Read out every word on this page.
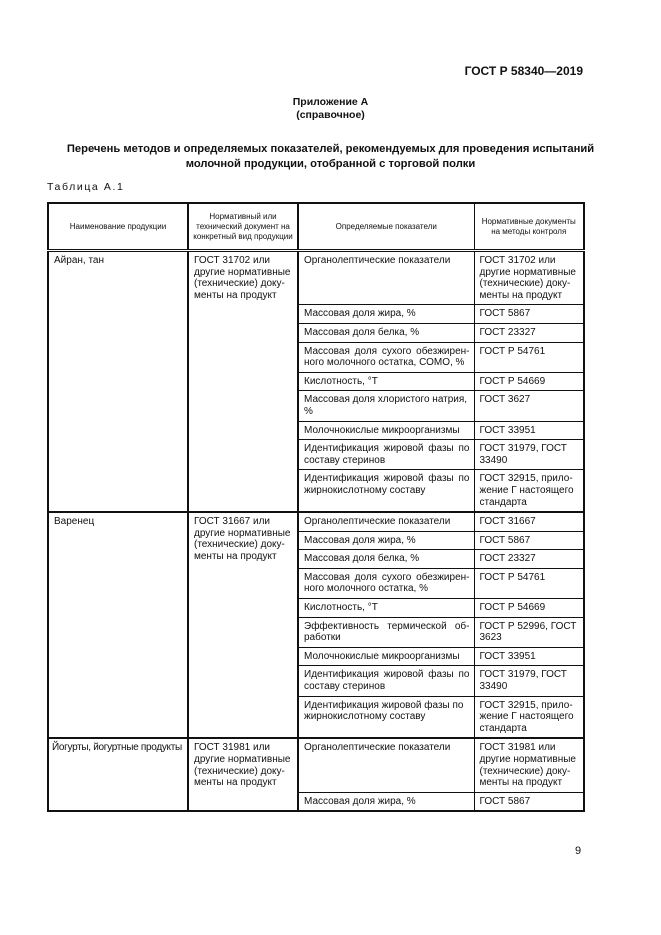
ГОСТ Р 58340—2019
Приложение А
(справочное)
Перечень методов и определяемых показателей, рекомендуемых для проведения испытаний
молочной продукции, отобранной с торговой полки
Таблица А.1
Наименование продукции	Нормативный или технический документ на конкретный вид продукции	Определяемые показатели	Нормативные документы на методы контроля
Айран, тан	ГОСТ 31702 или другие нормативные (технические) доку-менты на продукт	Органолептические показатели	ГОСТ 31702 или другие нормативные (технические) доку-менты на продукт
		Массовая доля жира, %	ГОСТ 5867
		Массовая доля белка, %	ГОСТ 23327
		Массовая доля сухого обезжирен-ного молочного остатка, СОМО, %	ГОСТ Р 54761
		Кислотность, °Т	ГОСТ Р 54669
		Массовая доля хлористого натрия, %	ГОСТ 3627
		Молочнокислые микроорганизмы	ГОСТ 33951
		Идентификация жировой фазы по составу стеринов	ГОСТ 31979, ГОСТ 33490
		Идентификация жировой фазы по жирнокислотному составу	ГОСТ 32915, прило-жение Г настоящего стандарта
Варенец	ГОСТ 31667 или другие нормативные (технические) доку-менты на продукт	Органолептические показатели	ГОСТ 31667
		Массовая доля жира, %	ГОСТ 5867
		Массовая доля белка, %	ГОСТ 23327
		Массовая доля сухого обезжирен-ного молочного остатка, %	ГОСТ Р 54761
		Кислотность, °Т	ГОСТ Р 54669
		Эффективность термической об-работки	ГОСТ Р 52996, ГОСТ 3623
		Молочнокислые микроорганизмы	ГОСТ 33951
		Идентификация жировой фазы по составу стеринов	ГОСТ 31979, ГОСТ 33490
		Идентификация жировой фазы по жирнокислотному составу	ГОСТ 32915, прило-жение Г настоящего стандарта
Йогурты, йогуртные продукты	ГОСТ 31981 или другие нормативные (технические) доку-менты на продукт	Органолептические показатели	ГОСТ 31981 или другие нормативные (технические) доку-менты на продукт
		Массовая доля жира, %	ГОСТ 5867
9
